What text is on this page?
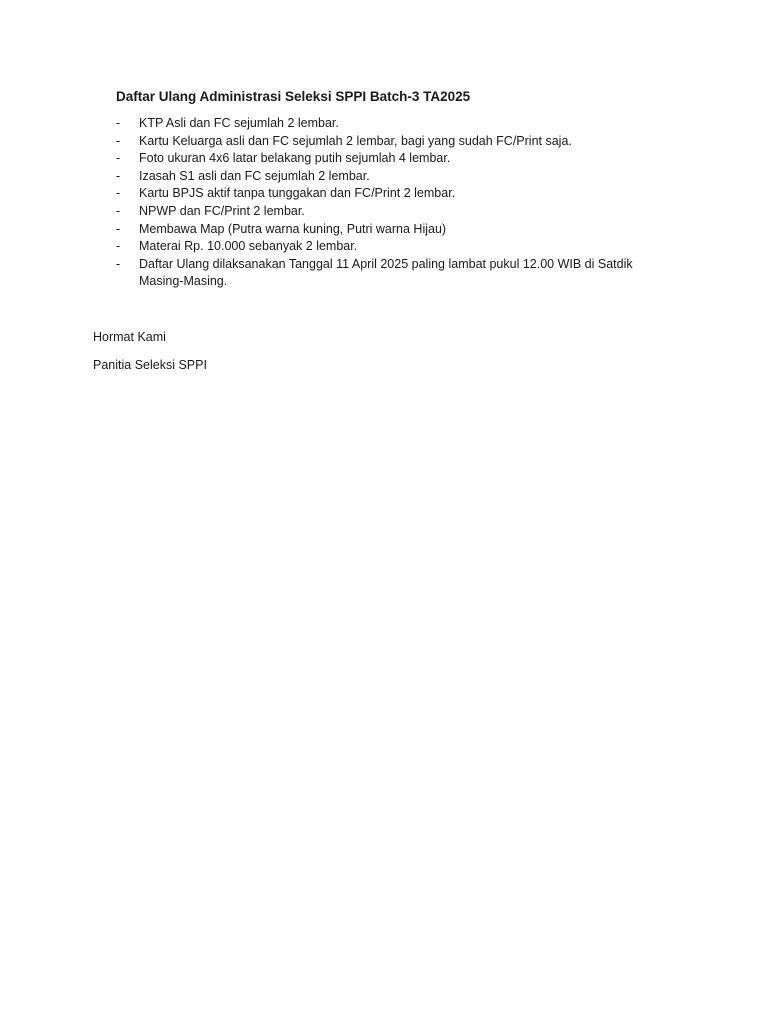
Daftar Ulang Administrasi Seleksi SPPI Batch-3 TA2025
-	KTP Asli dan FC sejumlah 2 lembar.
-	Kartu Keluarga asli dan FC sejumlah 2 lembar, bagi yang sudah FC/Print saja.
-	Foto ukuran 4x6 latar belakang putih sejumlah 4 lembar.
-	Izasah S1 asli dan FC sejumlah 2 lembar.
-	Kartu BPJS aktif tanpa tunggakan dan FC/Print 2 lembar.
-	NPWP dan FC/Print 2 lembar.
-	Membawa Map (Putra warna kuning, Putri warna Hijau)
-	Materai Rp. 10.000 sebanyak 2 lembar.
-	Daftar Ulang dilaksanakan Tanggal 11 April 2025 paling lambat pukul 12.00 WIB di Satdik Masing-Masing.
Hormat Kami
Panitia Seleksi SPPI
